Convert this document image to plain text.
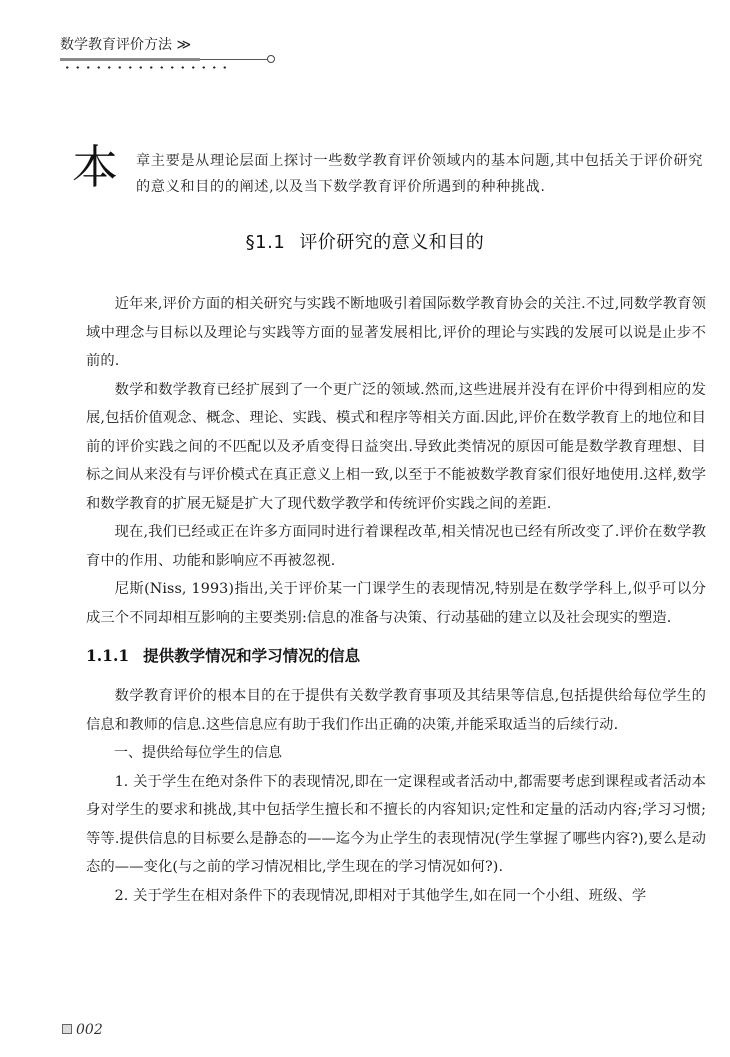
数学教育评价方法 ≫
本 章主要是从理论层面上探讨一些数学教育评价领域内的基本问题,其中包括关于评价研究的意义和目的的阐述,以及当下数学教育评价所遇到的种种挑战.
§1.1 评价研究的意义和目的

近年来,评价方面的相关研究与实践不断地吸引着国际数学教育协会的关注.不过,同数学教育领域中理念与目标以及理论与实践等方面的显著发展相比,评价的理论与实践的发展可以说是止步不前的.

数学和数学教育已经扩展到了一个更广泛的领域.然而,这些进展并没有在评价中得到相应的发展,包括价值观念、概念、理论、实践、模式和程序等相关方面.因此,评价在数学教育上的地位和目前的评价实践之间的不匹配以及矛盾变得日益突出.导致此类情况的原因可能是数学教育理想、目标之间从来没有与评价模式在真正意义上相一致,以至于不能被数学教育家们很好地使用.这样,数学和数学教育的扩展无疑是扩大了现代数学教学和传统评价实践之间的差距.

现在,我们已经或正在许多方面同时进行着课程改革,相关情况也已经有所改变了.评价在数学教育中的作用、功能和影响应不再被忽视.

尼斯(Niss, 1993)指出,关于评价某一门课学生的表现情况,特别是在数学学科上,似乎可以分成三个不同却相互影响的主要类别:信息的准备与决策、行动基础的建立以及社会现实的塑造.

1.1.1 提供教学情况和学习情况的信息

数学教育评价的根本目的在于提供有关数学教育事项及其结果等信息,包括提供给每位学生的信息和教师的信息.这些信息应有助于我们作出正确的决策,并能采取适当的后续行动.

一、提供给每位学生的信息

1. 关于学生在绝对条件下的表现情况,即在一定课程或者活动中,都需要考虑到课程或者活动本身对学生的要求和挑战,其中包括学生擅长和不擅长的内容知识;定性和定量的活动内容;学习习惯;等等.提供信息的目标要么是静态的——迄今为止学生的表现情况(学生掌握了哪些内容?),要么是动态的——变化(与之前的学习情况相比,学生现在的学习情况如何?).

2. 关于学生在相对条件下的表现情况,即相对于其他学生,如在同一个小组、班级、学

002
